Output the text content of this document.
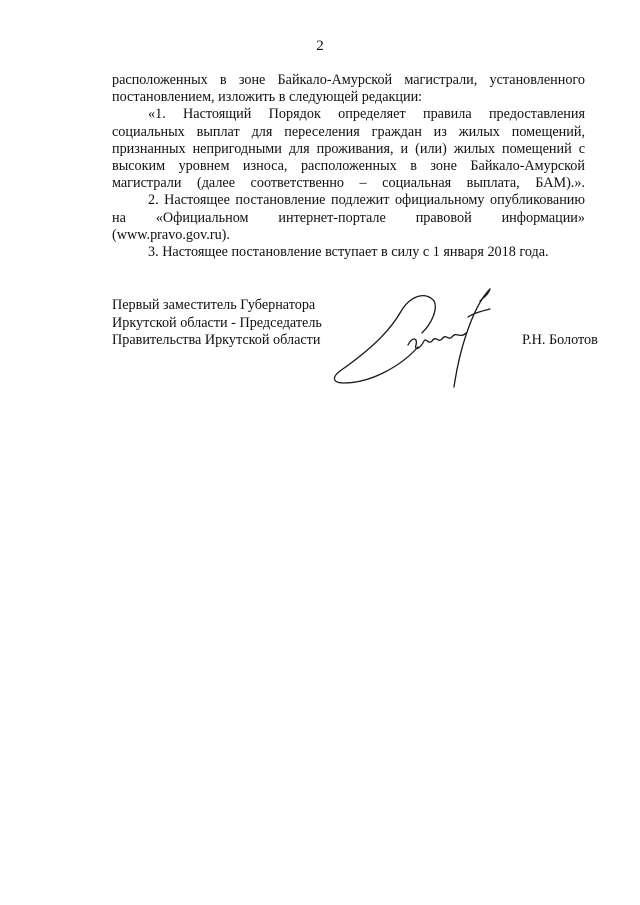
2

расположенных в зоне Байкало-Амурской магистрали, установленного постановлением, изложить в следующей редакции:

«1. Настоящий Порядок определяет правила предоставления социальных выплат для переселения граждан из жилых помещений, признанных непригодными для проживания, и (или) жилых помещений с высоким уровнем износа, расположенных в зоне Байкало-Амурской магистрали (далее соответственно – социальная выплата, БАМ).».

2. Настоящее постановление подлежит официальному опубликованию на «Официальном интернет-портале правовой информации» (www.pravo.gov.ru).

3. Настоящее постановление вступает в силу с 1 января 2018 года.

Первый заместитель Губернатора
Иркутской области - Председатель
Правительства Иркутской области	Р.Н. Болотов
